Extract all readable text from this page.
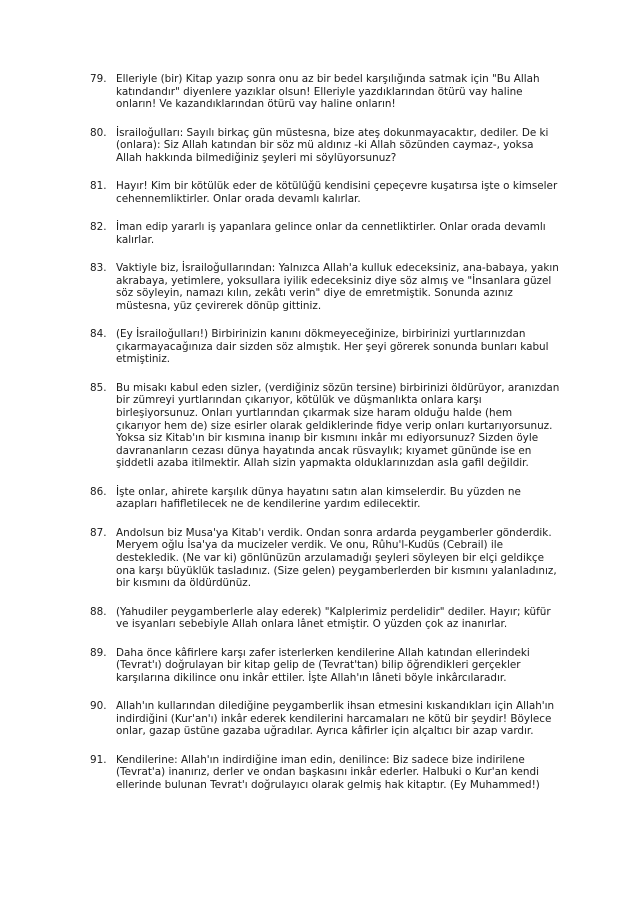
79. Elleriyle (bir) Kitap yazıp sonra onu az bir bedel karşılığında satmak için "Bu Allah katındandır" diyenlere yazıklar olsun! Elleriyle yazdıklarından ötürü vay haline onların! Ve kazandıklarından ötürü vay haline onların!
80. İsrailoğulları: Sayılı birkaç gün müstesna, bize ateş dokunmayacaktır, dediler. De ki (onlara): Siz Allah katından bir söz mü aldınız -ki Allah sözünden caymaz-, yoksa Allah hakkında bilmediğiniz şeyleri mi söylüyorsunuz?
81. Hayır! Kim bir kötülük eder de kötülüğü kendisini çepeçevre kuşatırsa işte o kimseler cehennemliktirler. Onlar orada devamlı kalırlar.
82. İman edip yararlı iş yapanlara gelince onlar da cennetliktirler. Onlar orada devamlı kalırlar.
83. Vaktiyle biz, İsrailoğullarından: Yalnızca Allah'a kulluk edeceksiniz, ana-babaya, yakın akrabaya, yetimlere, yoksullara iyilik edeceksiniz diye söz almış ve "İnsanlara güzel söz söyleyin, namazı kılın, zekâtı verin" diye de emretmiştik. Sonunda azınız müstesna, yüz çevirerek dönüp gittiniz.
84. (Ey İsrailoğulları!) Birbirinizin kanını dökmeyeceğinize, birbirinizi yurtlarınızdan çıkarmayacağınıza dair sizden söz almıştık. Her şeyi görerek sonunda bunları kabul etmiştiniz.
85. Bu misakı kabul eden sizler, (verdiğiniz sözün tersine) birbirinizi öldürüyor, aranızdan bir zümreyi yurtlarından çıkarıyor, kötülük ve düşmanlıkta onlara karşı birleşiyorsunuz. Onları yurtlarından çıkarmak size haram olduğu halde (hem çıkarıyor hem de) size esirler olarak geldiklerinde fidye verip onları kurtarıyorsunuz. Yoksa siz Kitab'ın bir kısmına inanıp bir kısmını inkâr mı ediyorsunuz? Sizden öyle davrananların cezası dünya hayatında ancak rüsvaylık; kıyamet gününde ise en şiddetli azaba itilmektir. Allah sizin yapmakta olduklarınızdan asla gafil değildir.
86. İşte onlar, ahirete karşılık dünya hayatını satın alan kimselerdir. Bu yüzden ne azapları hafifletilecek ne de kendilerine yardım edilecektir.
87. Andolsun biz Musa'ya Kitab'ı verdik. Ondan sonra ardarda peygamberler gönderdik. Meryem oğlu İsa'ya da mucizeler verdik. Ve onu, Rûhu'l-Kudüs (Cebrail) ile destekledik. (Ne var ki) gönlünüzün arzulamadığı şeyleri söyleyen bir elçi geldikçe ona karşı büyüklük tasladınız. (Size gelen) peygamberlerden bir kısmını yalanladınız, bir kısmını da öldürdünüz.
88. (Yahudiler peygamberlerle alay ederek) "Kalplerimiz perdelidir" dediler. Hayır; küfür ve isyanları sebebiyle Allah onlara lânet etmiştir. O yüzden çok az inanırlar.
89. Daha önce kâfirlere karşı zafer isterlerken kendilerine Allah katından ellerindeki (Tevrat'ı) doğrulayan bir kitap gelip de (Tevrat'tan) bilip öğrendikleri gerçekler karşılarına dikilince onu inkâr ettiler. İşte Allah'ın lâneti böyle inkârcılaradır.
90. Allah'ın kullarından dilediğine peygamberlik ihsan etmesini kıskandıkları için Allah'ın indirdiğini (Kur'an'ı) inkâr ederek kendilerini harcamaları ne kötü bir şeydir! Böylece onlar, gazap üstüne gazaba uğradılar. Ayrıca kâfirler için alçaltıcı bir azap vardır.
91. Kendilerine: Allah'ın indirdiğine iman edin, denilince: Biz sadece bize indirilene (Tevrat'a) inanırız, derler ve ondan başkasını inkâr ederler. Halbuki o Kur'an kendi ellerinde bulunan Tevrat'ı doğrulayıcı olarak gelmiş hak kitaptır. (Ey Muhammed!)
